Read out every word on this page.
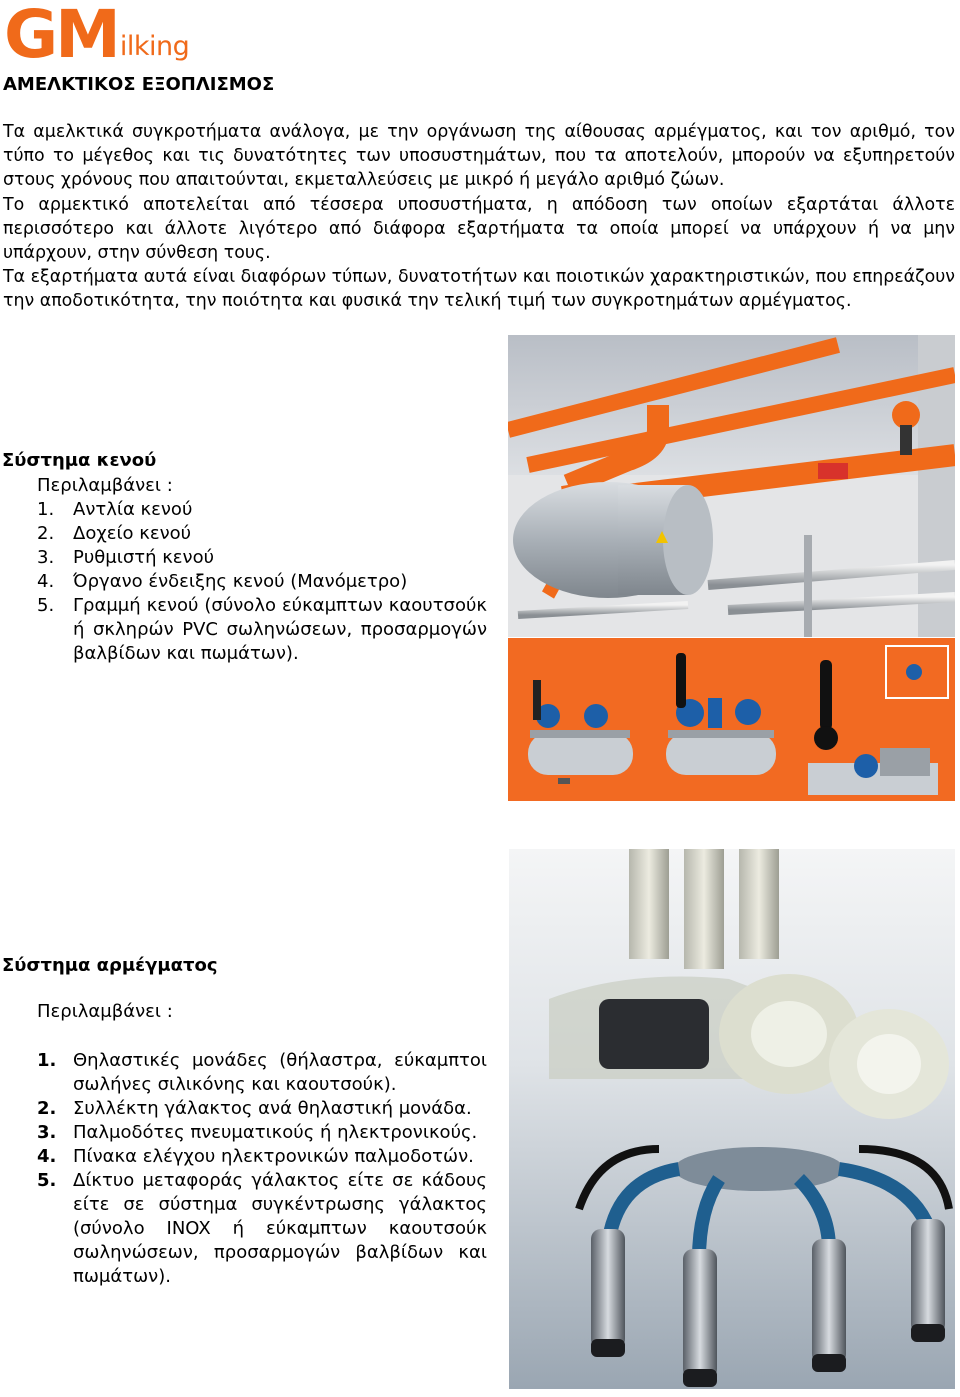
GMilking
ΑΜΕΛΚΤΙΚΟΣ ΕΞΟΠΛΙΣΜΟΣ

Τα αμελκτικά συγκροτήματα ανάλογα, με την οργάνωση της αίθουσας αρμέγματος, και τον αριθμό, τον τύπο το μέγεθος και τις δυνατότητες των υποσυστημάτων, που τα αποτελούν, μπορούν να εξυπηρετούν στους χρόνους που απαιτούνται, εκμεταλλεύσεις με μικρό ή μεγάλο αριθμό ζώων.

Το αρμεκτικό αποτελείται από τέσσερα υποσυστήματα, η απόδοση των οποίων εξαρτάται άλλοτε περισσότερο και άλλοτε λιγότερο από διάφορα εξαρτήματα τα οποία μπορεί να υπάρχουν ή να μην υπάρχουν, στην σύνθεση τους.

Τα εξαρτήματα αυτά είναι διαφόρων τύπων, δυνατοτήτων και ποιοτικών χαρακτηριστικών, που επηρεάζουν την αποδοτικότητα, την ποιότητα και φυσικά την τελική τιμή των συγκροτημάτων αρμέγματος.

Σύστημα κενού
Περιλαμβάνει :
1. Αντλία κενού
2. Δοχείο κενού
3. Ρυθμιστή κενού
4. Όργανο ένδειξης κενού (Μανόμετρο)
5. Γραμμή κενού (σύνολο εύκαμπτων καουτσούκ ή σκληρών PVC σωληνώσεων, προσαρμογών βαλβίδων και πωμάτων).
Σύστημα αρμέγματος
Περιλαμβάνει :
1. Θηλαστικές μονάδες (θήλαστρα, εύκαμπτοι σωλήνες σιλικόνης και καουτσούκ).
2. Συλλέκτη γάλακτος ανά θηλαστική μονάδα.
3. Παλμοδότες πνευματικούς ή ηλεκτρονικούς.
4. Πίνακα ελέγχου ηλεκτρονικών παλμοδοτών.
5. Δίκτυο μεταφοράς γάλακτος είτε σε κάδους είτε σε σύστημα συγκέντρωσης γάλακτος (σύνολο INOX ή εύκαμπτων καουτσούκ σωληνώσεων, προσαρμογών βαλβίδων και πωμάτων).
